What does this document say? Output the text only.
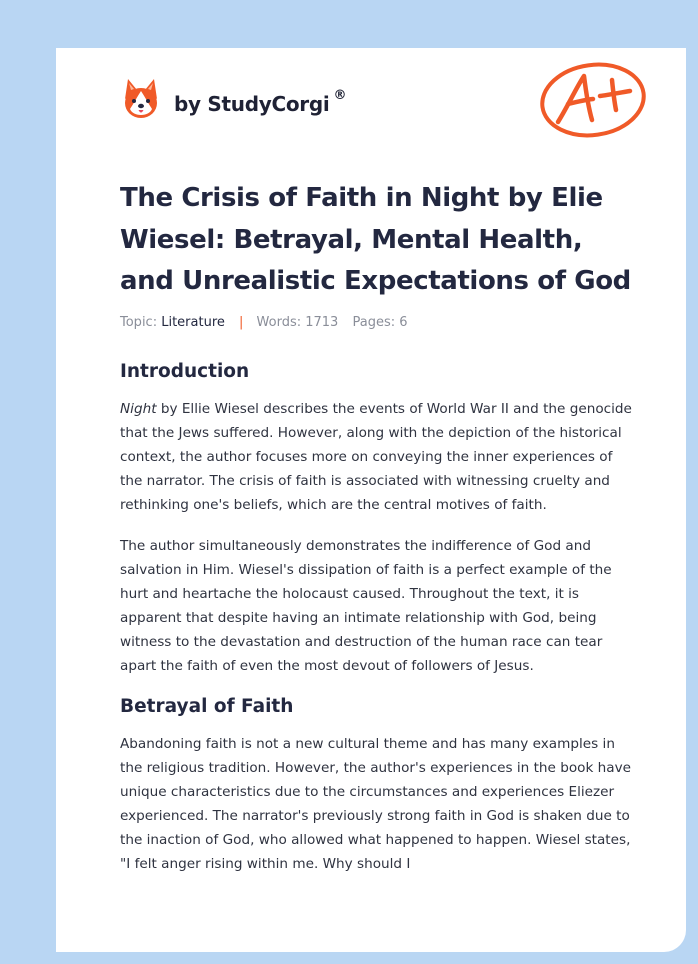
by StudyCorgi ®
The Crisis of Faith in Night by Elie Wiesel: Betrayal, Mental Health, and Unrealistic Expectations of God
Topic: Literature | Words: 1713 Pages: 6
Introduction

Night by Ellie Wiesel describes the events of World War II and the genocide that the Jews suffered. However, along with the depiction of the historical context, the author focuses more on conveying the inner experiences of the narrator. The crisis of faith is associated with witnessing cruelty and rethinking one's beliefs, which are the central motives of faith.

The author simultaneously demonstrates the indifference of God and salvation in Him. Wiesel's dissipation of faith is a perfect example of the hurt and heartache the holocaust caused. Throughout the text, it is apparent that despite having an intimate relationship with God, being witness to the devastation and destruction of the human race can tear apart the faith of even the most devout of followers of Jesus.

Betrayal of Faith

Abandoning faith is not a new cultural theme and has many examples in the religious tradition. However, the author's experiences in the book have unique characteristics due to the circumstances and experiences Eliezer experienced. The narrator's previously strong faith in God is shaken due to the inaction of God, who allowed what happened to happen. Wiesel states, "I felt anger rising within me. Why should I
